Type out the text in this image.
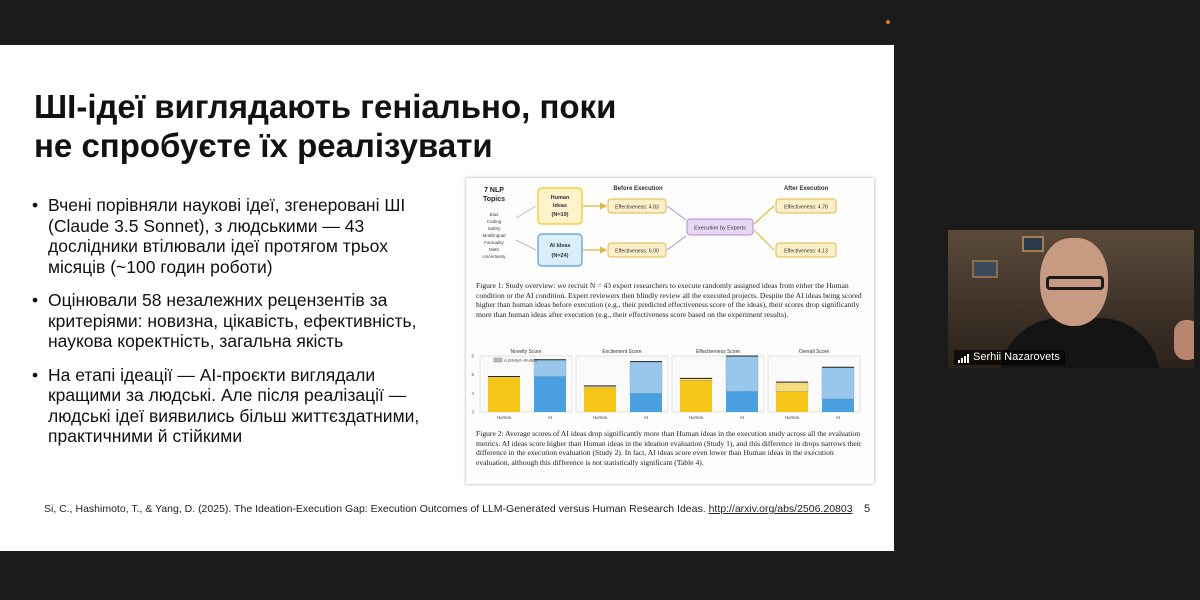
ШІ-ідеї виглядають геніально, поки
не спробуєте їх реалізувати
• Вчені порівняли наукові ідеї, згенеровані ШІ (Claude 3.5 Sonnet), з людськими — 43 дослідники втілювали ідеї протягом трьох місяців (~100 годин роботи)
• Оцінювали 58 незалежних рецензентів за критеріями: новизна, цікавість, ефективність, наукова коректність, загальна якість
• На етапі ідеації — AI-проєкти виглядали кращими за людські. Але після реалізації —людські ідеї виявились більш життєздатними, практичними й стійкими
7 NLP
Topics
Bias
Coding
Safety
Multilingual
Factuality
Math
Uncertainty
Human
Ideas
(N=19)
AI Ideas
(N=24)
Before Execution	After Execution
Effectiveness: 4.83
Effectiveness: 6.00
Execution by Experts
Effectiveness: 4.78
Effectiveness: 4.13
Figure 1: Study overview: we recruit N = 43 expert researchers to execute randomly assigned ideas from either the Human condition or the AI condition. Expert reviewers then blindly review all the executed projects. Despite the AI ideas being scored higher than human ideas before execution (e.g., their predicted effectiveness score of the ideas), their scores drop significantly more than human ideas after execution (e.g., their effectiveness score based on the experiment results).
3
4
5
6
Novelty Score
Human	AI
Excitement Score
Human	AI
Effectiveness Score
Human	AI
Overall Score
Human	AI
Δ (Study2−Study1)
Figure 2: Average scores of AI ideas drop significantly more than Human ideas in the execution study across all the evaluation metrics. AI ideas score higher than Human ideas in the ideation evaluation (Study 1), and this difference in drops narrows their difference in the execution evaluation (Study 2). In fact, AI ideas score even lower than Human ideas in the execution evaluation, although this difference is not statistically significant (Table 4).
Si, C., Hashimoto, T., & Yang, D. (2025). The Ideation-Execution Gap: Execution Outcomes of LLM-Generated versus Human Research Ideas. http://arxiv.org/abs/2506.20803 5
Serhii Nazarovets
